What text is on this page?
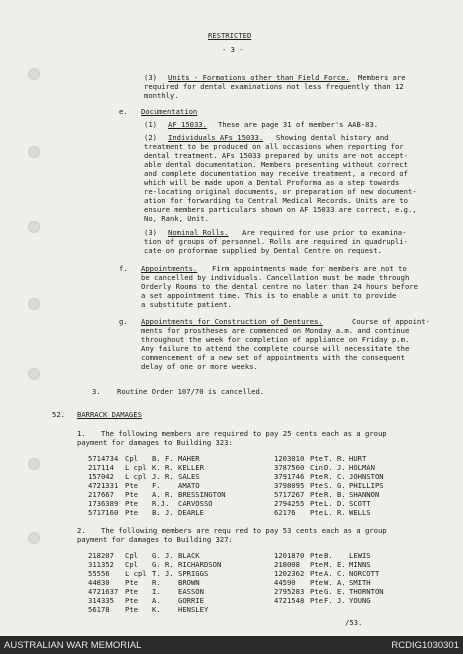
RESTRICTED
- 3 -
(3) Units - Formations other than Field Force. Members are
required for dental examinations not less frequently than 12
monthly.
e. Documentation
(1) AF 15033. These are page 31 of member's AAB-83.
(2) Individuals AFs 15033. Showing dental history and
treatment to be produced on all occasions when reporting for
dental treatment. AFs 15033 prepared by units are not accept-
able dental documentation. Members presenting without correct
and complete documentation may receive treatment, a record of
which will be made upon a Dental Proforma as a step towards
re-locating original documents, or preparation of new document-
ation for forwarding to Central Medical Records. Units are to
ensure members particulars shown on AF 15033 are correct, e.g.,
No, Rank, Unit.
(3) Nominal Rolls. Are required for use prior to examina-
tion of groups of personnel. Rolls are required in quadrupli-
cate on proformae supplied by Dental Centre on request.
f. Appointments. Firm appointments made for members are not to
be cancelled by individuals. Cancellation must be made through
Orderly Rooms to the dental centre no later than 24 hours before
a set appointment time. This is to enable a unit to provide
a substitute patient.
g. Appointments for Construction of Dentures.	Course of appoint-
ments for prostheses are commenced on Monday a.m. and continue
throughout the week for completion of appliance on Friday p.m.
Any failure to attend the complete course will necessitate the
commencement of a new set of appointments with the consequent
delay of one or more weeks.
3. Routine Order 107/70 is cancelled.
52. BARRACK DAMAGES
1. The following members are required to pay 25 cents each as a group
payment for damages to Building 323:
5714734 Cpl B. F. MAHER
217114 L cpl K. R. KELLER
157042 L cpl J. R. SALES
4721331 Pte F. AMATO
217667 Pte A. R. BRESSINGTON
1736389 Pte R.J. CARVOSSO
5717160 Pte B. J. DEARLE
1203010 Pte T. R. HURT
3787560 Cin D. J. HOLMAN
3791746 Pte R. C. JOHNSTON
3798095 Pte S. G. PHILLIPS
5717267 Pte R. B. SHANNON
2794255 Pte L. D. SCOTT
62176 Pte L. R. WELLS
2. The following members are requ red to pay 53 cents each as a group
payment for damages to Building 327:
218207 Cpl G. J. BLACK
311352 Cpl G. R. RICHARDSON
55556 L cpl T. J. SPRIGGS
44830 Pte R. BROWN
4721637 Pte I. EASSON
314335 Pte A. GORRIE
56178 Pte K. HENSLEY
1201870 Pte B. LEWIS
218008 Pte M. E. MINNS
1202362 Pte A. C. NORCOTT
44590 Pte W. A. SMITH
2795283 Pte G. E. THORNTON
4721548 Pte F. J. YOUNG
/53.
AUSTRALIAN WAR MEMORIAL	RCDIG1030301
